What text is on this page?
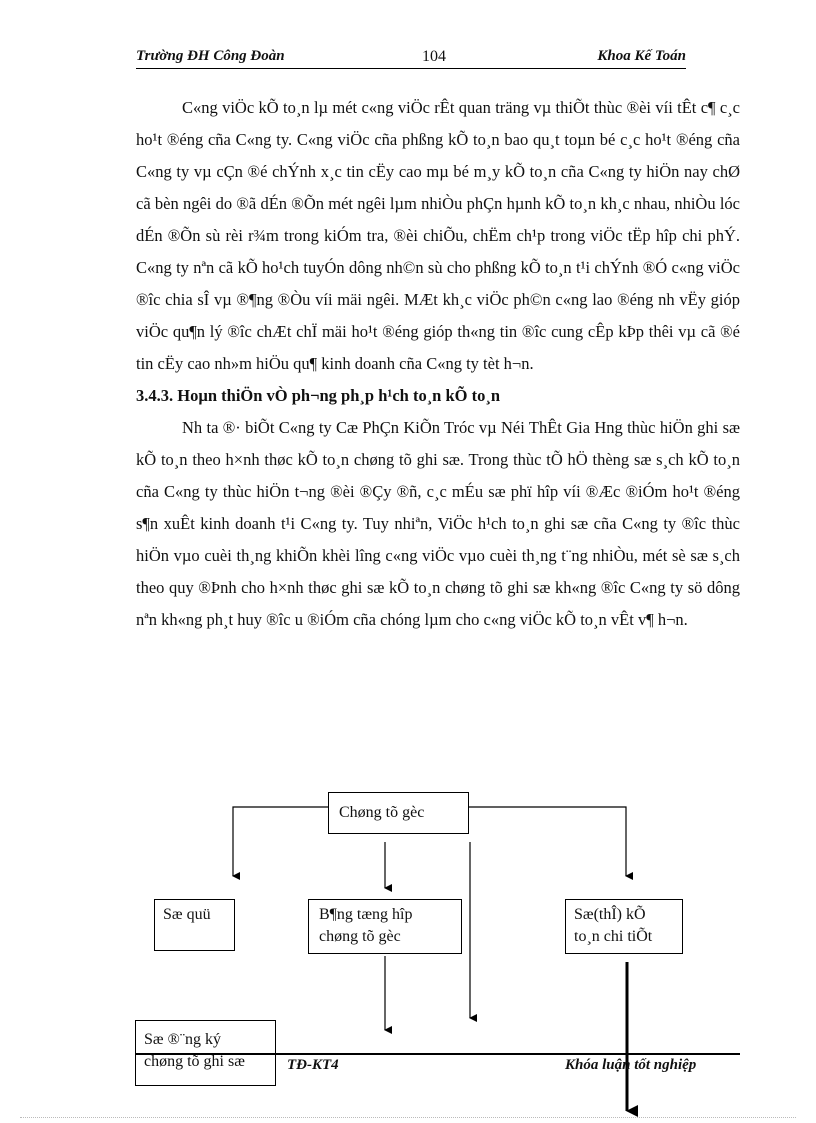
Trường ĐH Công Đoàn	104	Khoa Kế Toán

C«ng viÖc kÕ to¸n lµ mét c«ng viÖc rÊt quan träng vµ thiÕt thùc ®èi víi tÊt c¶ c¸c ho¹t ®éng cña C«ng ty. C«ng viÖc cña phßng kÕ to¸n bao qu¸t toµn bé c¸c ho¹t ®éng cña C«ng ty vµ cÇn ®é chÝnh x¸c tin cËy cao mµ bé m¸y kÕ to¸n cña C«ng ty hiÖn nay chØ cã bèn ngêi do ®ã dÉn ®Õn mét ngêi lµm nhiÒu phÇn hµnh kÕ to¸n kh¸c nhau, nhiÒu lóc dÉn ®Õn sù rèi r¾m trong kiÓm tra, ®èi chiÕu, chËm ch¹p trong viÖc tËp hîp chi phÝ. C«ng ty nªn cã kÕ ho¹ch tuyÓn dông nh©n sù cho phßng kÕ to¸n t¹i chÝnh ®Ó c«ng viÖc ®îc chia sÎ vµ ®¶ng ®Òu víi mäi ngêi. MÆt kh¸c viÖc ph©n c«ng lao ®éng nh vËy gióp viÖc qu¶n lý ®îc chÆt chÏ mäi ho¹t ®éng gióp th«ng tin ®îc cung cÊp kÞp thêi vµ cã ®é tin cËy cao nh»m hiÖu qu¶ kinh doanh cña C«ng ty tèt h¬n.

3.4.3. Hoµn thiÖn vÒ ph¬ng ph¸p h¹ch to¸n kÕ to¸n

Nh ta ®· biÕt C«ng ty Cæ PhÇn KiÕn Tróc vµ Néi ThÊt Gia Hng thùc hiÖn ghi sæ kÕ to¸n theo h×nh thøc kÕ to¸n chøng tõ ghi sæ. Trong thùc tÕ hÖ thèng sæ s¸ch kÕ to¸n cña C«ng ty thùc hiÖn t¬ng ®èi ®Çy ®ñ, c¸c mÉu sæ phï hîp víi ®Æc ®iÓm ho¹t ®éng s¶n xuÊt kinh doanh t¹i C«ng ty. Tuy nhiªn, ViÖc h¹ch to¸n ghi sæ cña C«ng ty ®îc thùc hiÖn vµo cuèi th¸ng khiÕn khèi lîng c«ng viÖc vµo cuèi th¸ng t¨ng nhiÒu, mét sè sæ s¸ch theo quy ®Þnh cho h×nh thøc ghi sæ kÕ to¸n chøng tõ ghi sæ kh«ng ®îc C«ng ty sö dông nªn kh«ng ph¸t huy ®îc u ®iÓm cña chóng lµm cho c«ng viÖc kÕ to¸n vÊt v¶ h¬n.

Chøng tõ gèc
Sæ quü	B¶ng tæng hîp
chøng tõ gèc
Sæ(thÎ) kÕ
to¸n chi tiÕt
Sæ ®¨ng ký
chøng tõ ghi sæ	TĐ-KT4	Khóa luận tốt nghiệp
